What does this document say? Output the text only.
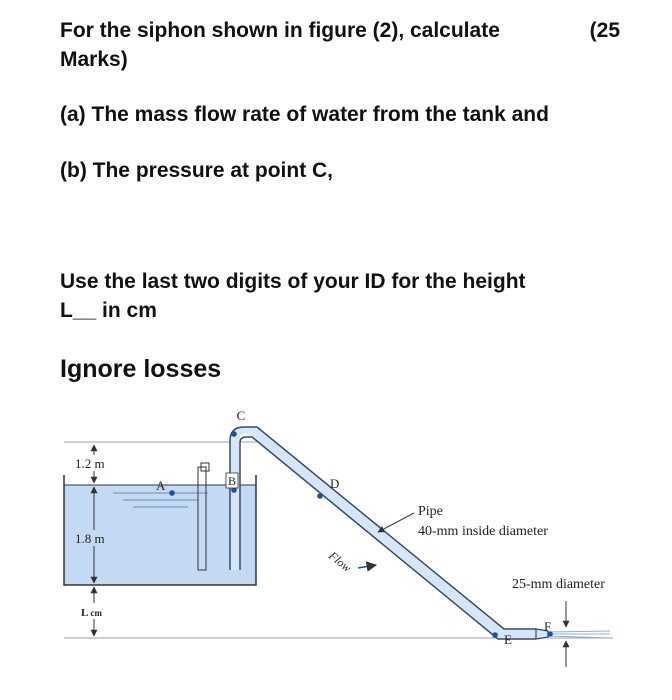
For the siphon shown in figure (2), calculate	(25
Marks)
(a) The mass flow rate of water from the tank and
(b) The pressure at point C,
Use the last two digits of your ID for the height
L__ in cm
Ignore losses
C
A	B	D
E
F
1.2 m
1.8 m
L cm
Pipe
40-mm inside diameter
Flow
25-mm diameter
